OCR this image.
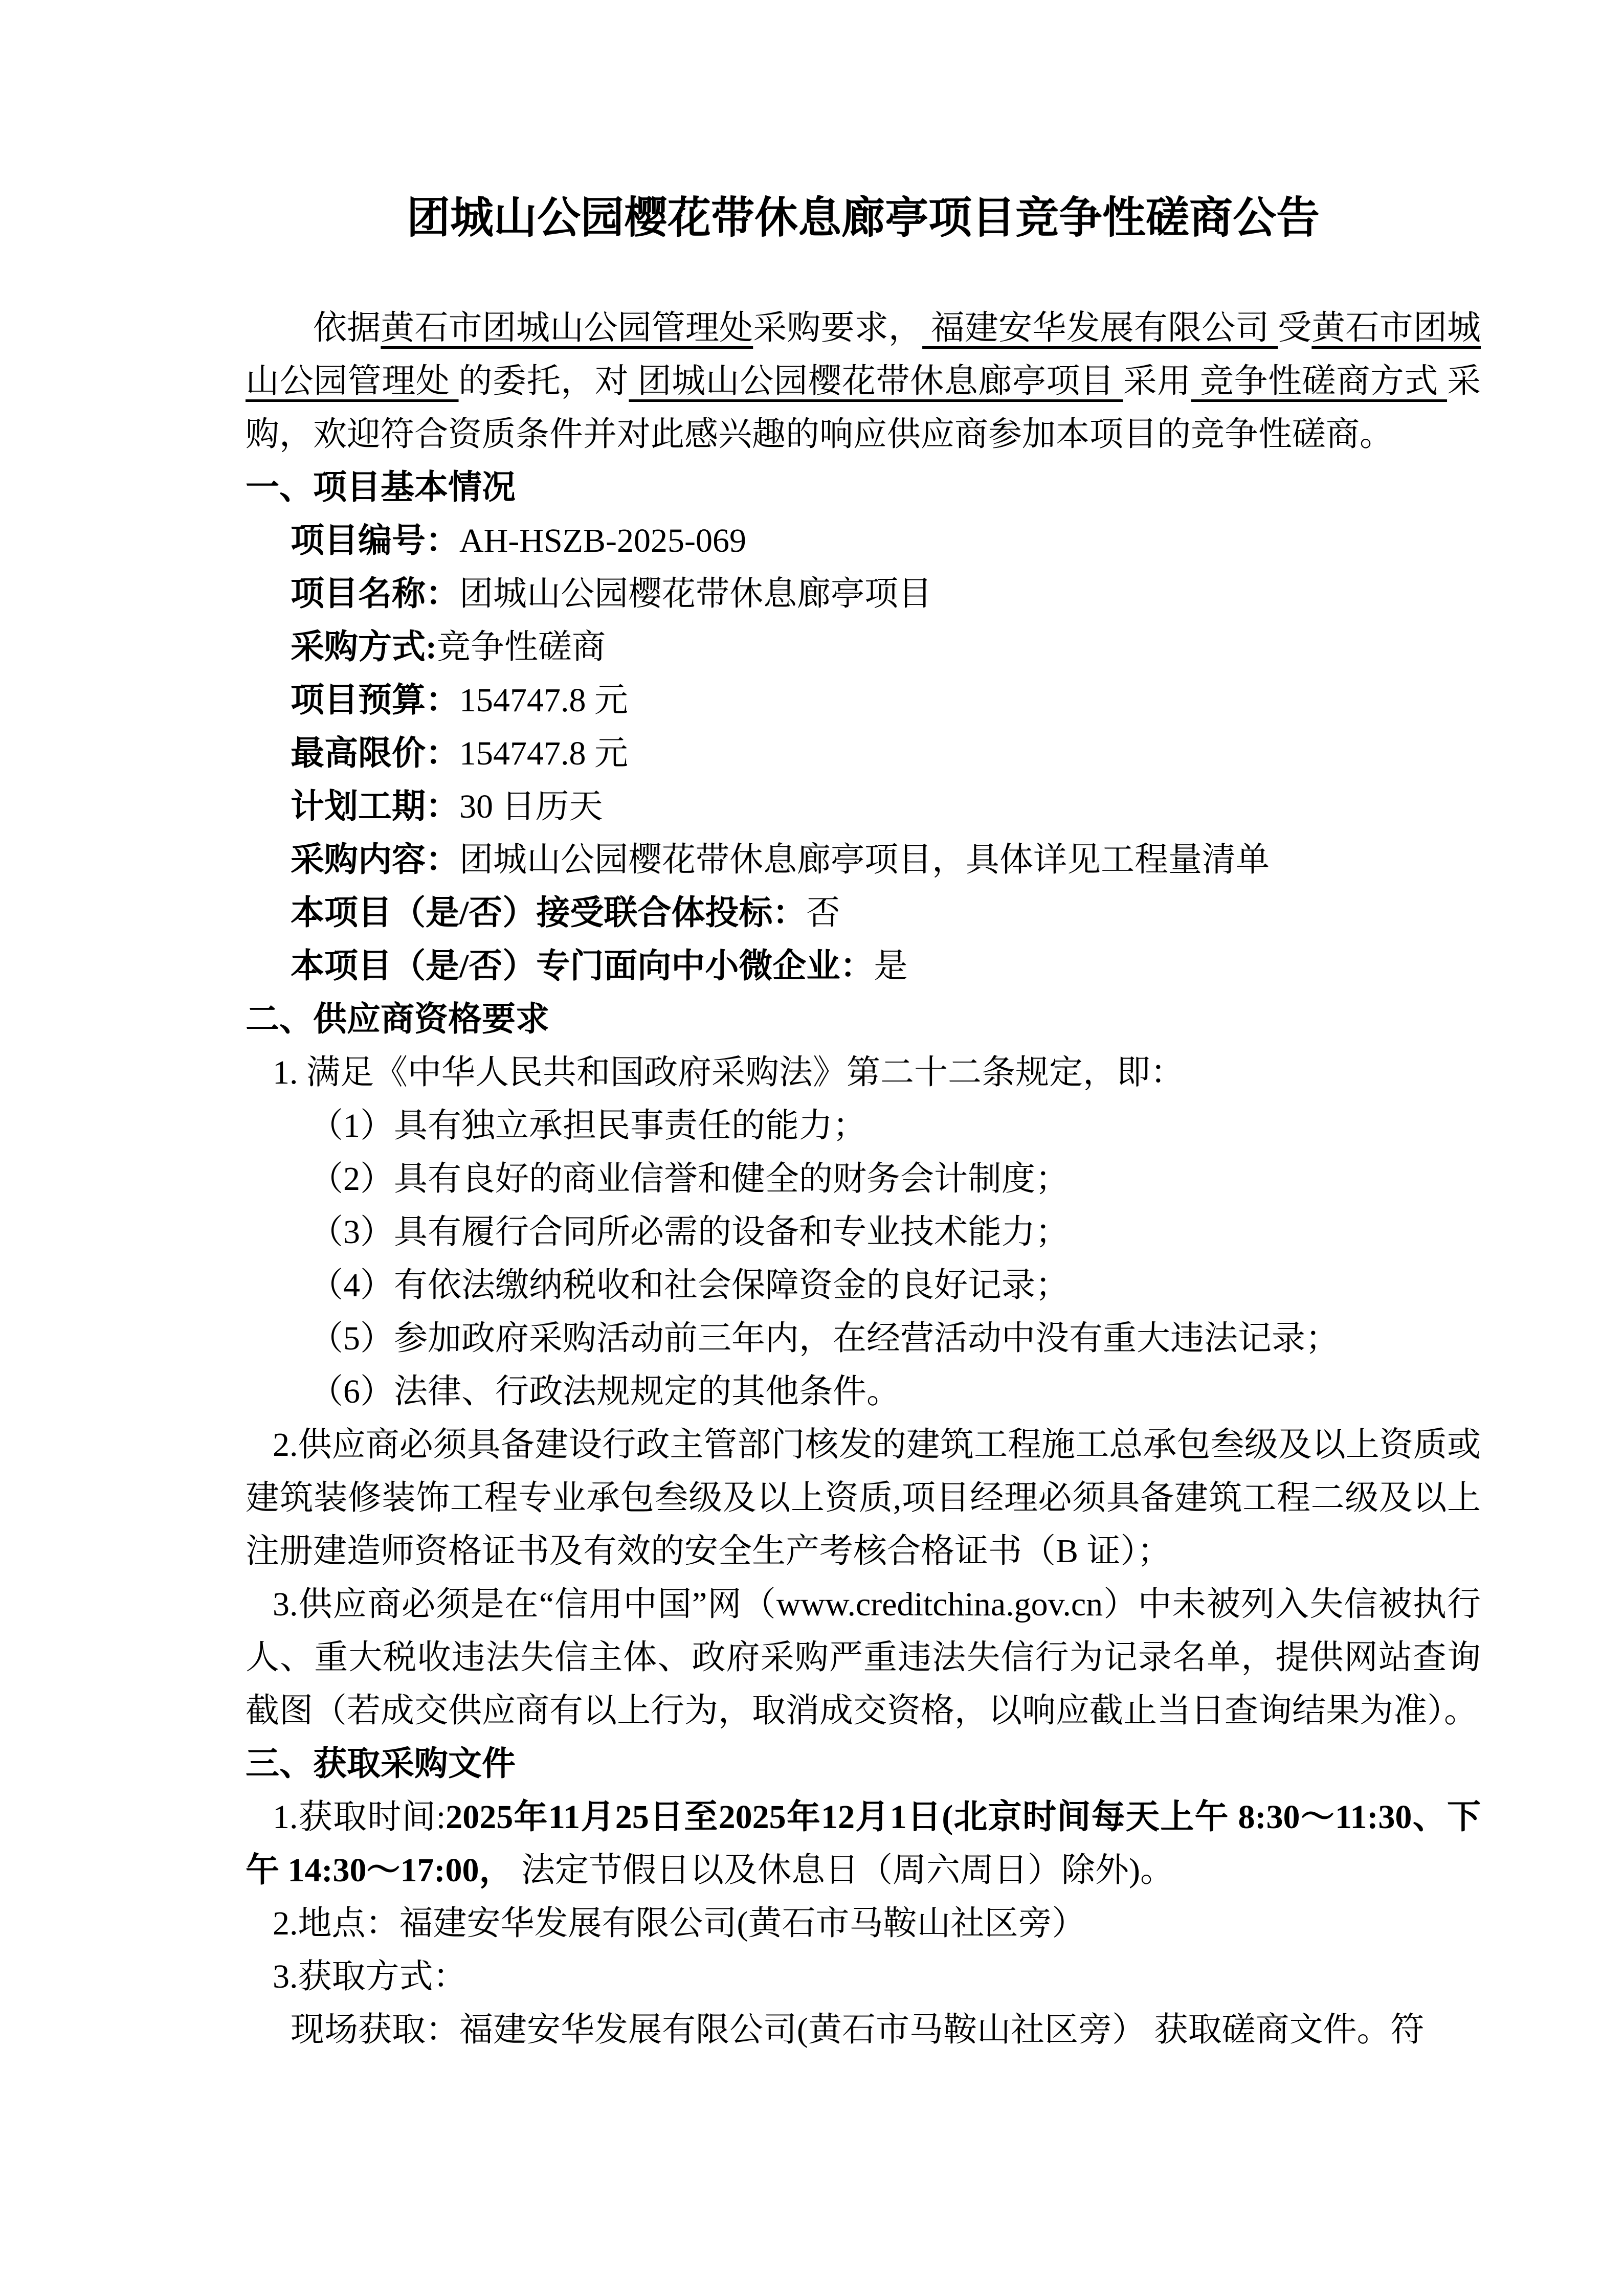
团城山公园樱花带休息廊亭项目竞争性磋商公告

依据黄石市团城山公园管理处采购要求， 福建安华发展有限公司 受黄石市团城山公园管理处 的委托，对 团城山公园樱花带休息廊亭项目 采用 竞争性磋商方式 采购，欢迎符合资质条件并对此感兴趣的响应供应商参加本项目的竞争性磋商。

一、项目基本情况

项目编号：AH-HSZB-2025-069

项目名称：团城山公园樱花带休息廊亭项目

采购方式:竞争性磋商

项目预算：154747.8 元

最高限价：154747.8 元

计划工期：30 日历天

采购内容：团城山公园樱花带休息廊亭项目，具体详见工程量清单

本项目（是/否）接受联合体投标：否

本项目（是/否）专门面向中小微企业：是

二、供应商资格要求

1. 满足《中华人民共和国政府采购法》第二十二条规定，即：

（1）具有独立承担民事责任的能力；

（2）具有良好的商业信誉和健全的财务会计制度；

（3）具有履行合同所必需的设备和专业技术能力；

（4）有依法缴纳税收和社会保障资金的良好记录；

（5）参加政府采购活动前三年内，在经营活动中没有重大违法记录；

（6）法律、行政法规规定的其他条件。

2.供应商必须具备建设行政主管部门核发的建筑工程施工总承包叁级及以上资质或建筑装修装饰工程专业承包叁级及以上资质,项目经理必须具备建筑工程二级及以上注册建造师资格证书及有效的安全生产考核合格证书（B 证）；

3.供应商必须是在“信用中国”网（www.creditchina.gov.cn）中未被列入失信被执行人、重大税收违法失信主体、政府采购严重违法失信行为记录名单，提供网站查询截图（若成交供应商有以上行为，取消成交资格，以响应截止当日查询结果为准）。

三、获取采购文件

1.获取时间:2025年11月25日至2025年12月1日(北京时间每天上午 8:30～11:30、下午 14:30～17:00， 法定节假日以及休息日（周六周日）除外)。

2.地点：福建安华发展有限公司(黄石市马鞍山社区旁）

3.获取方式：

现场获取：福建安华发展有限公司(黄石市马鞍山社区旁） 获取磋商文件。符
